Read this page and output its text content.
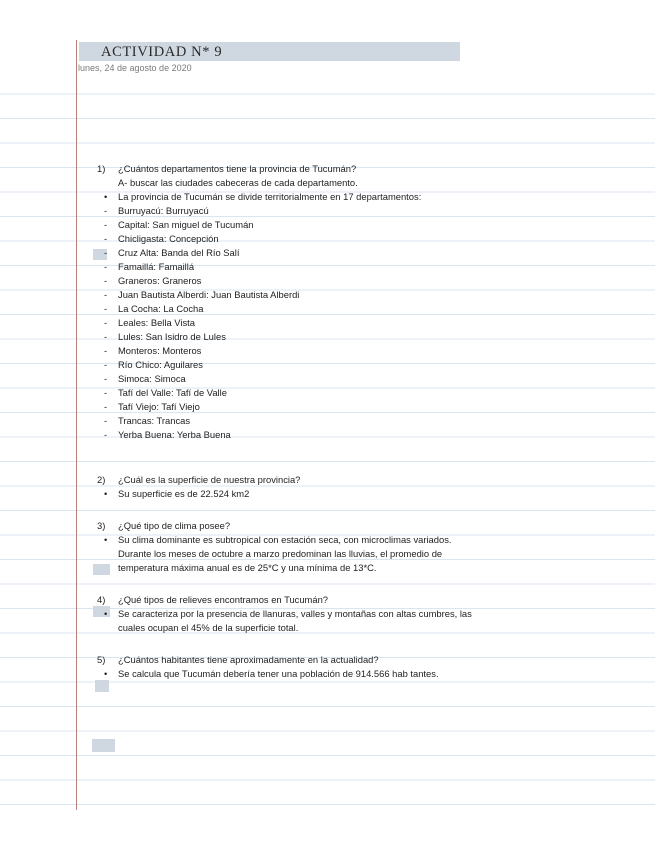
ACTIVIDAD N* 9
lunes, 24 de agosto de 2020
1)	¿Cuántos departamentos tiene la provincia de Tucumán?
A- buscar las ciudades cabeceras de cada departamento.
•	La provincia de Tucumán se divide territorialmente en 17 departamentos:
-	Burruyacú: Burruyacú
-	Capital: San miguel de Tucumán
-	Chicligasta: Concepción
-	Cruz Alta: Banda del Río Salí
-	Famaillá: Famaillá
-	Graneros: Graneros
-	Juan Bautista Alberdi: Juan Bautista Alberdi
-	La Cocha: La Cocha
-	Leales: Bella Vista
-	Lules: San Isidro de Lules
-	Monteros: Monteros
-	Río Chico: Aguilares
-	Simoca: Simoca
-	Tafí del Valle: Tafí de Valle
-	Tafí Viejo: Tafí Viejo
-	Trancas: Trancas
-	Yerba Buena: Yerba Buena
2)	¿Cuál es la superficie de nuestra provincia?
•	Su superficie es de 22.524 km2
3)	¿Qué tipo de clima posee?
•	Su clima dominante es subtropical con estación seca, con microclimas variados.
Durante los meses de octubre a marzo predominan las lluvias, el promedio de
temperatura máxima anual es de 25*C y una mínima de 13*C.
4)	¿Qué tipos de relieves encontramos en Tucumán?
•	Se caracteriza por la presencia de llanuras, valles y montañas con altas cumbres, las
cuales ocupan el 45% de la superficie total.
5)	¿Cuántos habitantes tiene aproximadamente en la actualidad?
•	Se calcula que Tucumán debería tener una población de 914.566 hab tantes.
